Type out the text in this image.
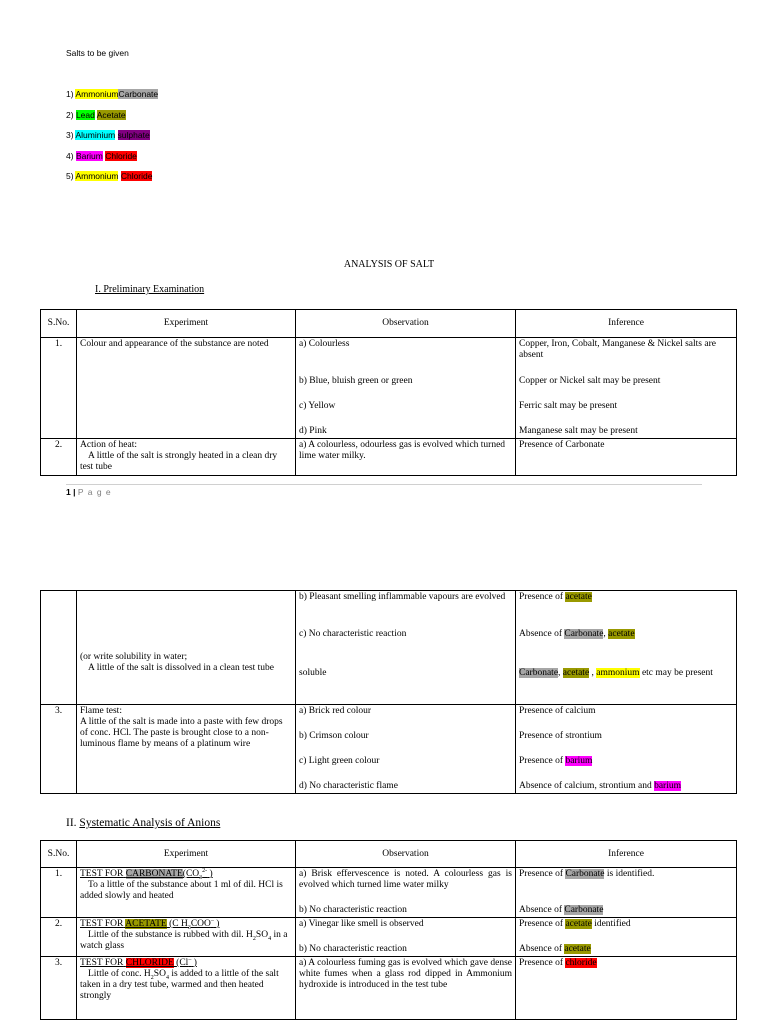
Salts to be given
1) AmmoniumCarbonate
2) Lead Acetate
3) Aluminium sulphate
4) Barium Chloride
5) Ammonium Chloride
ANALYSIS OF SALT
I. Preliminary Examination
S.No.	Experiment	Observation	Inference
1.	Colour and appearance of the substance are noted	a) Colourless
b) Blue, bluish green or green
c) Yellow
d) Pink	Copper, Iron, Cobalt, Manganese & Nickel salts are absent
Copper or Nickel salt may be present
Ferric salt may be present
Manganese salt may be present

2.	Action of heat:
A little of the salt is strongly heated in a clean dry test tube	a) A colourless, odourless gas is evolved which turned lime water milky.	Presence of Carbonate
1 | P a g e

	(or write solubility in water;
A little of the salt is dissolved in a clean test tube	b) Pleasant smelling inflammable vapours are evolved
c) No characteristic reaction
soluble	Presence of acetate
Absence of Carbonate, acetate
Carbonate, acetate , ammonium etc may be present

3.	Flame test:
A little of the salt is made into a paste with few drops of conc. HCl. The paste is brought close to a non-luminous flame by means of a platinum wire	a) Brick red colour
b) Crimson colour
c) Light green colour
d) No characteristic flame	Presence of calcium
Presence of strontium
Presence of barium
Absence of calcium, strontium and barium
II. Systematic Analysis of Anions
S.No.	Experiment	Observation	Inference
1.	TEST FOR $CARBONATE(CO_3^{2-}$ )
To a little of the substance about 1 ml of dil. HCl is added slowly and heated	a) Brisk effervescence is noted. A colourless gas is evolved which turned lime water milky
b) No characteristic reaction	Presence of Carbonate is identified.
Absence of Carbonate

2.	TEST FOR ACETATE (C $H_3COO^-$ )
Little of the substance is rubbed with dil. $H_2SO_4$ in a watch glass	a) Vinegar like smell is observed
b) No characteristic reaction	Presence of acetate identified
Absence of acetate

3.	TEST FOR CHLORIDE (Cl– )
Little of conc. $H_2SO_4$ is added to a little of the salt taken in a dry test tube, warmed and then heated strongly	a) A colourless fuming gas is evolved which gave dense white fumes when a glass rod dipped in Ammonium hydroxide is introduced in the test tube	Presence of chloride
